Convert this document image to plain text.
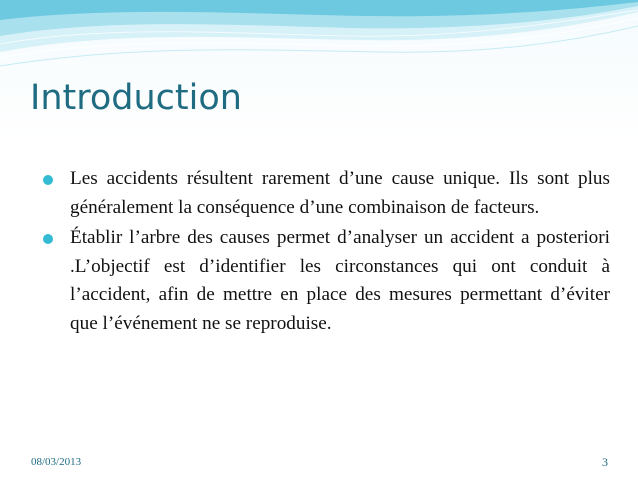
Introduction
Les accidents résultent rarement d’une cause unique. Ils sont plus généralement la conséquence d’une combinaison de facteurs.
Établir l’arbre des causes permet d’analyser un accident a posteriori .L’objectif est d’identifier les circonstances qui ont conduit à l’accident, afin de mettre en place des mesures permettant d’éviter que l’événement ne se reproduise.
08/03/2013	3
